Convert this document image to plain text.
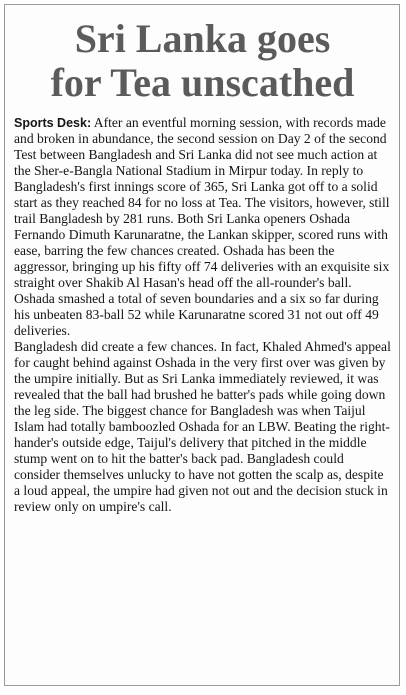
Sri Lanka goes
for Tea unscathed

Sports Desk: After an eventful morning session, with records made and broken in abundance, the second session on Day 2 of the second Test between Bangladesh and Sri Lanka did not see much action at the Sher-e-Bangla National Stadium in Mirpur today. In reply to Bangladesh's first innings score of 365, Sri Lanka got off to a solid start as they reached 84 for no loss at Tea. The visitors, however, still trail Bangladesh by 281 runs. Both Sri Lanka openers Oshada Fernando Dimuth Karunaratne, the Lankan skipper, scored runs with ease, barring the few chances created. Oshada has been the aggressor, bringing up his fifty off 74 deliveries with an exquisite six straight over Shakib Al Hasan's head off the all-rounder's ball. Oshada smashed a total of seven boundaries and a six so far during his unbeaten 83-ball 52 while Karunaratne scored 31 not out off 49 deliveries.

Bangladesh did create a few chances. In fact, Khaled Ahmed's appeal for caught behind against Oshada in the very first over was given by the umpire initially. But as Sri Lanka immediately reviewed, it was revealed that the ball had brushed he batter's pads while going down the leg side. The biggest chance for Bangladesh was when Taijul Islam had totally bamboozled Oshada for an LBW. Beating the right-hander's outside edge, Taijul's delivery that pitched in the middle stump went on to hit the batter's back pad. Bangladesh could consider themselves unlucky to have not gotten the scalp as, despite a loud appeal, the umpire had given not out and the decision stuck in review only on umpire's call.
